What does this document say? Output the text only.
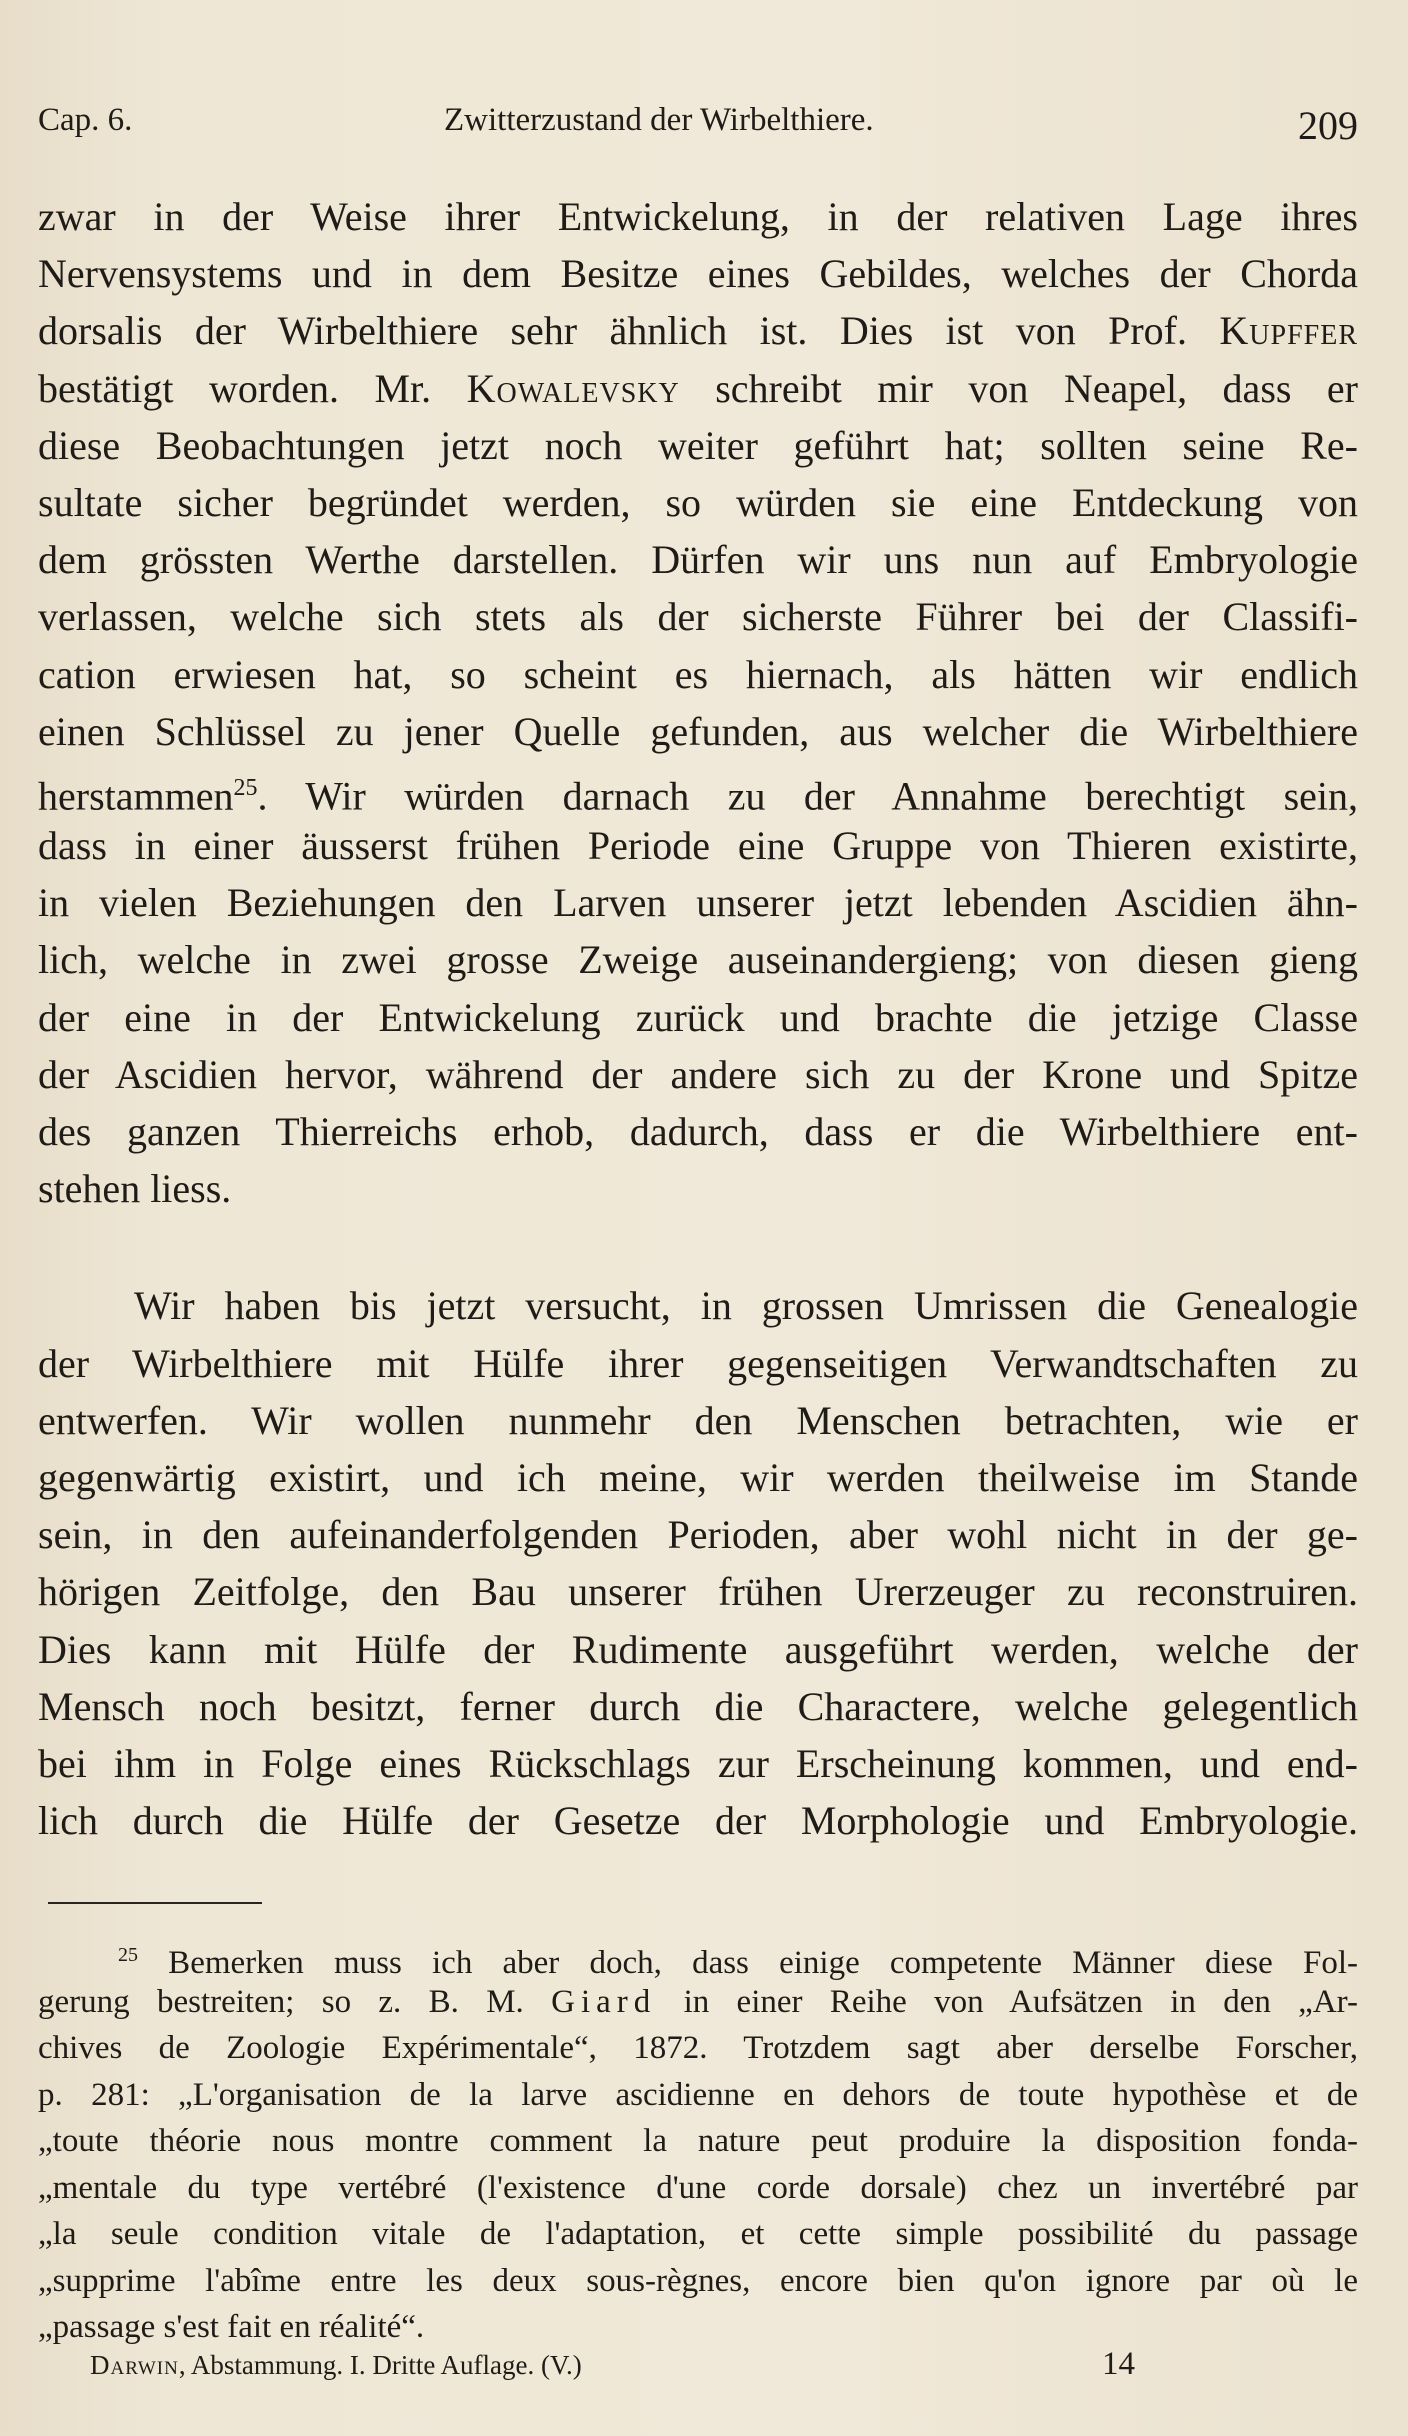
Cap. 6.	Zwitterzustand der Wirbelthiere.	209
zwar in der Weise ihrer Entwickelung, in der relativen Lage ihres
Nervensystems und in dem Besitze eines Gebildes, welches der Chorda
dorsalis der Wirbelthiere sehr ähnlich ist. Dies ist von Prof. Kupffer
bestätigt worden. Mr. Kowalevsky schreibt mir von Neapel, dass er
diese Beobachtungen jetzt noch weiter geführt hat; sollten seine Re-
sultate sicher begründet werden, so würden sie eine Entdeckung von
dem grössten Werthe darstellen. Dürfen wir uns nun auf Embryologie
verlassen, welche sich stets als der sicherste Führer bei der Classifi-
cation erwiesen hat, so scheint es hiernach, als hätten wir endlich
einen Schlüssel zu jener Quelle gefunden, aus welcher die Wirbelthiere
herstammen$^{25}$. Wir würden darnach zu der Annahme berechtigt sein,
dass in einer äusserst frühen Periode eine Gruppe von Thieren existirte,
in vielen Beziehungen den Larven unserer jetzt lebenden Ascidien ähn-
lich, welche in zwei grosse Zweige auseinandergieng; von diesen gieng
der eine in der Entwickelung zurück und brachte die jetzige Classe
der Ascidien hervor, während der andere sich zu der Krone und Spitze
des ganzen Thierreichs erhob, dadurch, dass er die Wirbelthiere ent-
stehen liess.
Wir haben bis jetzt versucht, in grossen Umrissen die Genealogie
der Wirbelthiere mit Hülfe ihrer gegenseitigen Verwandtschaften zu
entwerfen. Wir wollen nunmehr den Menschen betrachten, wie er
gegenwärtig existirt, und ich meine, wir werden theilweise im Stande
sein, in den aufeinanderfolgenden Perioden, aber wohl nicht in der ge-
hörigen Zeitfolge, den Bau unserer frühen Urerzeuger zu reconstruiren.
Dies kann mit Hülfe der Rudimente ausgeführt werden, welche der
Mensch noch besitzt, ferner durch die Charactere, welche gelegentlich
bei ihm in Folge eines Rückschlags zur Erscheinung kommen, und end-
lich durch die Hülfe der Gesetze der Morphologie und Embryologie.
$^{25}$ Bemerken muss ich aber doch, dass einige competente Männer diese Fol-
gerung bestreiten; so z. B. M. Giard in einer Reihe von Aufsätzen in den „Ar-
chives de Zoologie Expérimentale“, 1872. Trotzdem sagt aber derselbe Forscher,
p. 281: „L'organisation de la larve ascidienne en dehors de toute hypothèse et de
„toute théorie nous montre comment la nature peut produire la disposition fonda-
„mentale du type vertébré (l'existence d'une corde dorsale) chez un invertébré par
„la seule condition vitale de l'adaptation, et cette simple possibilité du passage
„supprime l'abîme entre les deux sous-règnes, encore bien qu'on ignore par où le
„passage s'est fait en réalité“.
Darwin, Abstammung. I. Dritte Auflage. (V.)	14
